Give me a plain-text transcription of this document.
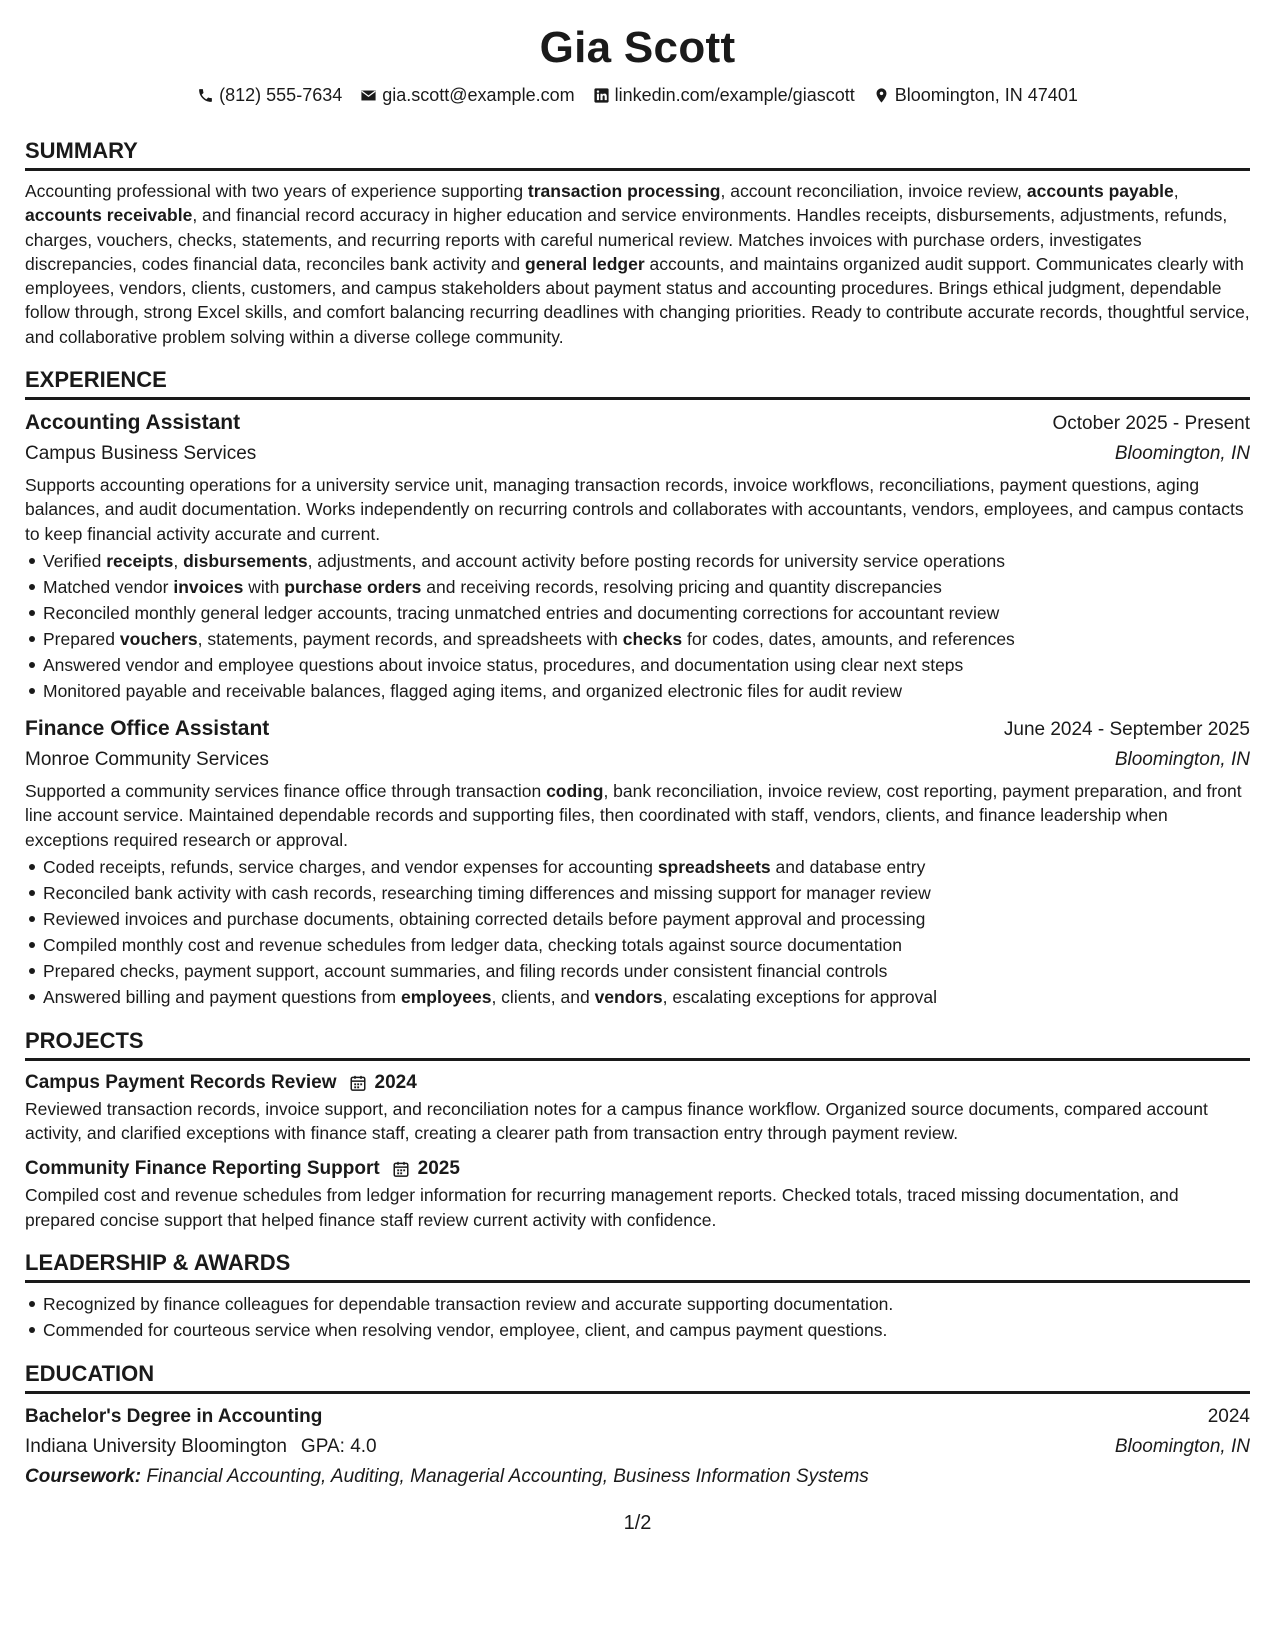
Gia Scott
(812) 555-7634 gia.scott@example.com linkedin.com/example/giascott Bloomington, IN 47401
SUMMARY

Accounting professional with two years of experience supporting transaction processing, account reconciliation, invoice review, accounts payable, accounts receivable, and financial record accuracy in higher education and service environments. Handles receipts, disbursements, adjustments, refunds, charges, vouchers, checks, statements, and recurring reports with careful numerical review. Matches invoices with purchase orders, investigates discrepancies, codes financial data, reconciles bank activity and general ledger accounts, and maintains organized audit support. Communicates clearly with employees, vendors, clients, customers, and campus stakeholders about payment status and accounting procedures. Brings ethical judgment, dependable follow through, strong Excel skills, and comfort balancing recurring deadlines with changing priorities. Ready to contribute accurate records, thoughtful service, and collaborative problem solving within a diverse college community.

EXPERIENCE
Accounting Assistant	October 2025 - Present
Campus Business Services	Bloomington, IN

Supports accounting operations for a university service unit, managing transaction records, invoice workflows, reconciliations, payment questions, aging balances, and audit documentation. Works independently on recurring controls and collaborates with accountants, vendors, employees, and campus contacts to keep financial activity accurate and current.

Verified receipts, disbursements, adjustments, and account activity before posting records for university service operations
Matched vendor invoices with purchase orders and receiving records, resolving pricing and quantity discrepancies
Reconciled monthly general ledger accounts, tracing unmatched entries and documenting corrections for accountant review
Prepared vouchers, statements, payment records, and spreadsheets with checks for codes, dates, amounts, and references
Answered vendor and employee questions about invoice status, procedures, and documentation using clear next steps
Monitored payable and receivable balances, flagged aging items, and organized electronic files for audit review
Finance Office Assistant	June 2024 - September 2025
Monroe Community Services	Bloomington, IN

Supported a community services finance office through transaction coding, bank reconciliation, invoice review, cost reporting, payment preparation, and front line account service. Maintained dependable records and supporting files, then coordinated with staff, vendors, clients, and finance leadership when exceptions required research or approval.

Coded receipts, refunds, service charges, and vendor expenses for accounting spreadsheets and database entry
Reconciled bank activity with cash records, researching timing differences and missing support for manager review
Reviewed invoices and purchase documents, obtaining corrected details before payment approval and processing
Compiled monthly cost and revenue schedules from ledger data, checking totals against source documentation
Prepared checks, payment support, account summaries, and filing records under consistent financial controls
Answered billing and payment questions from employees, clients, and vendors, escalating exceptions for approval
PROJECTS
Campus Payment Records Review 2024

Reviewed transaction records, invoice support, and reconciliation notes for a campus finance workflow. Organized source documents, compared account activity, and clarified exceptions with finance staff, creating a clearer path from transaction entry through payment review.

Community Finance Reporting Support 2025

Compiled cost and revenue schedules from ledger information for recurring management reports. Checked totals, traced missing documentation, and prepared concise support that helped finance staff review current activity with confidence.

LEADERSHIP & AWARDS
Recognized by finance colleagues for dependable transaction review and accurate supporting documentation.
Commended for courteous service when resolving vendor, employee, client, and campus payment questions.
EDUCATION
Bachelor's Degree in Accounting	2024
Indiana University Bloomington GPA: 4.0	Bloomington, IN
Coursework: Financial Accounting, Auditing, Managerial Accounting, Business Information Systems
1/2
